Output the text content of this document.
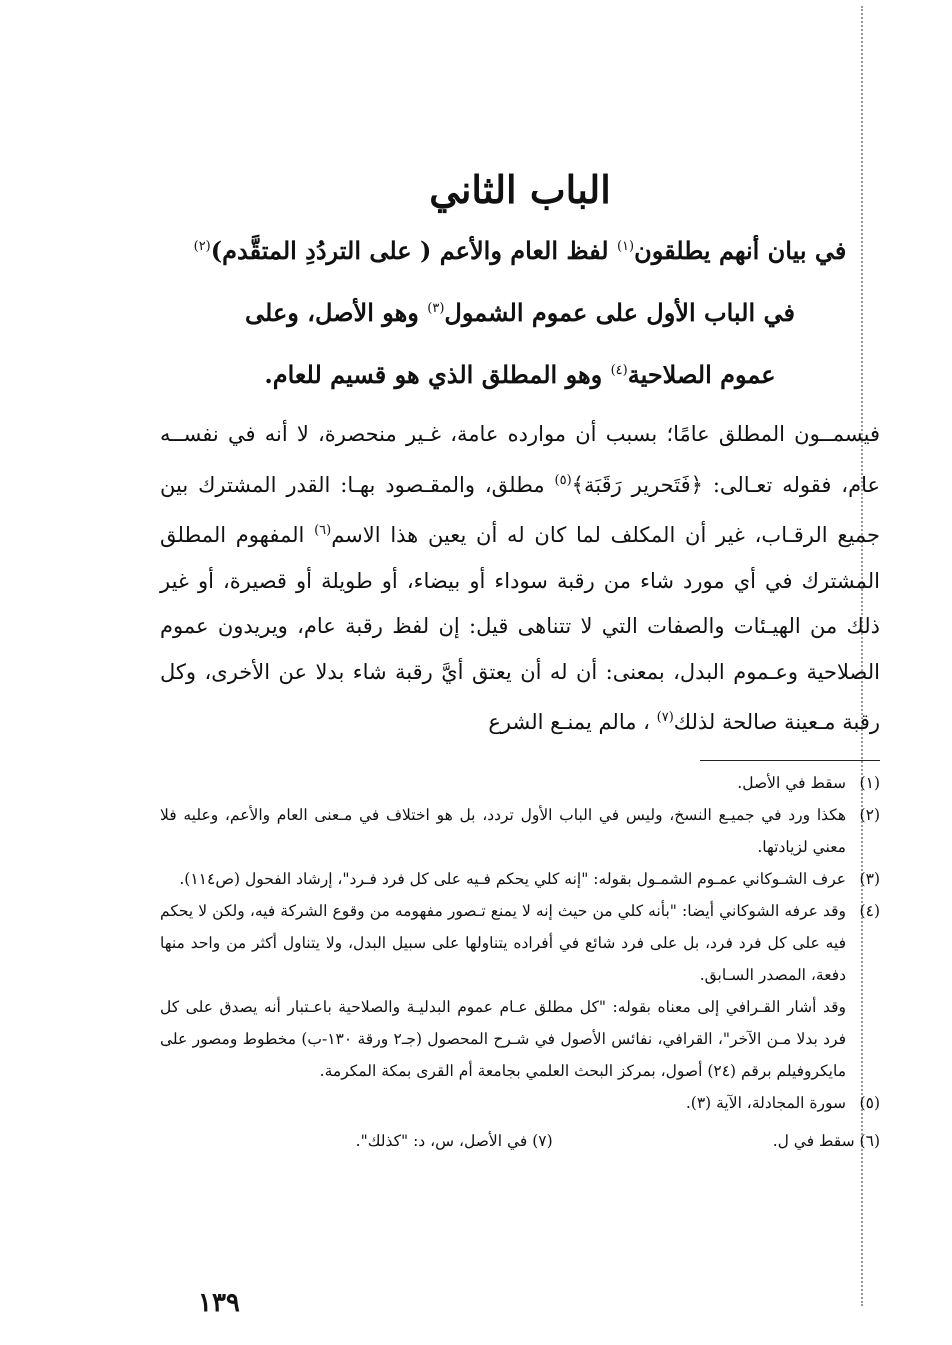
الباب الثاني

في بيان أنهم يطلقون$^{(١)}$ لفظ العام والأعم ( على التردُدِ المتقَّدم)$^{(٢)}$

في الباب الأول على عموم الشمول$^{(٣)}$ وهو الأصل، وعلى

عموم الصلاحية$^{(٤)}$ وهو المطلق الذي هو قسيم للعام.

فيسمــون المطلق عامًا؛ بسبب أن موارده عامة، غـير منحصرة، لا أنه في نفســه عام، فقوله تعـالى: ﴿فَتَحرير رَقَبَة﴾$^{(٥)}$ مطلق، والمقـصود بهـا: القدر المشترك بين جميع الرقـاب، غير أن المكلف لما كان له أن يعين هذا الاسم$^{(٦)}$ المفهوم المطلق المشترك في أي مورد شاء من رقبة سوداء أو بيضاء، أو طويلة أو قصيرة، أو غير ذلك من الهيـئات والصفات التي لا تتناهى قيل: إن لفظ رقبة عام، ويريدون عموم الصلاحية وعـموم البدل، بمعنى: أن له أن يعتق أيَّ رقبة شاء بدلا عن الأخرى، وكل رقبة مـعينة صالحة لذلك$^{(٧)}$ ، مالم يمنـع الشرع

(١)سقط في الأصل.

(٢)هكذا ورد في جميـع النسخ، وليس في الباب الأول تردد، بل هو اختلاف في مـعنى العام والأعم، وعليه فلا معني لزيادتها.

(٣)عرف الشـوكاني عمـوم الشمـول بقوله: "إنه كلي يحكم فـيه على كل فرد فـرد"، إرشاد الفحول (ص١١٤).

(٤)وقد عرفه الشوكاني أيضا: "بأنه كلي من حيث إنه لا يمنع تـصور مفهومه من وقوع الشركة فيه، ولكن لا يحكم فيه على كل فرد فرد، بل على فرد شائع في أفراده يتناولها على سبيل البدل، ولا يتناول أكثر من واحد منها دفعة، المصدر السـابق.

وقد أشار القـرافي إلى معناه بقوله: "كل مطلق عـام عموم البدليـة والصلاحية باعـتبار أنه يصدق على كل فرد بدلا مـن الآخر"، القرافي، نفائس الأصول في شـرح المحصول (جـ٢ ورقة ١٣٠-ب) مخطوط ومصور على مايكروفيلم برقم (٢٤) أصول، بمركز البحث العلمي بجامعة أم القرى بمكة المكرمة.

(٥)سورة المجادلة، الآية (٣).

(٦) سقط في ل.
(٧) في الأصل، س، د: "كذلك".
١٣٩
